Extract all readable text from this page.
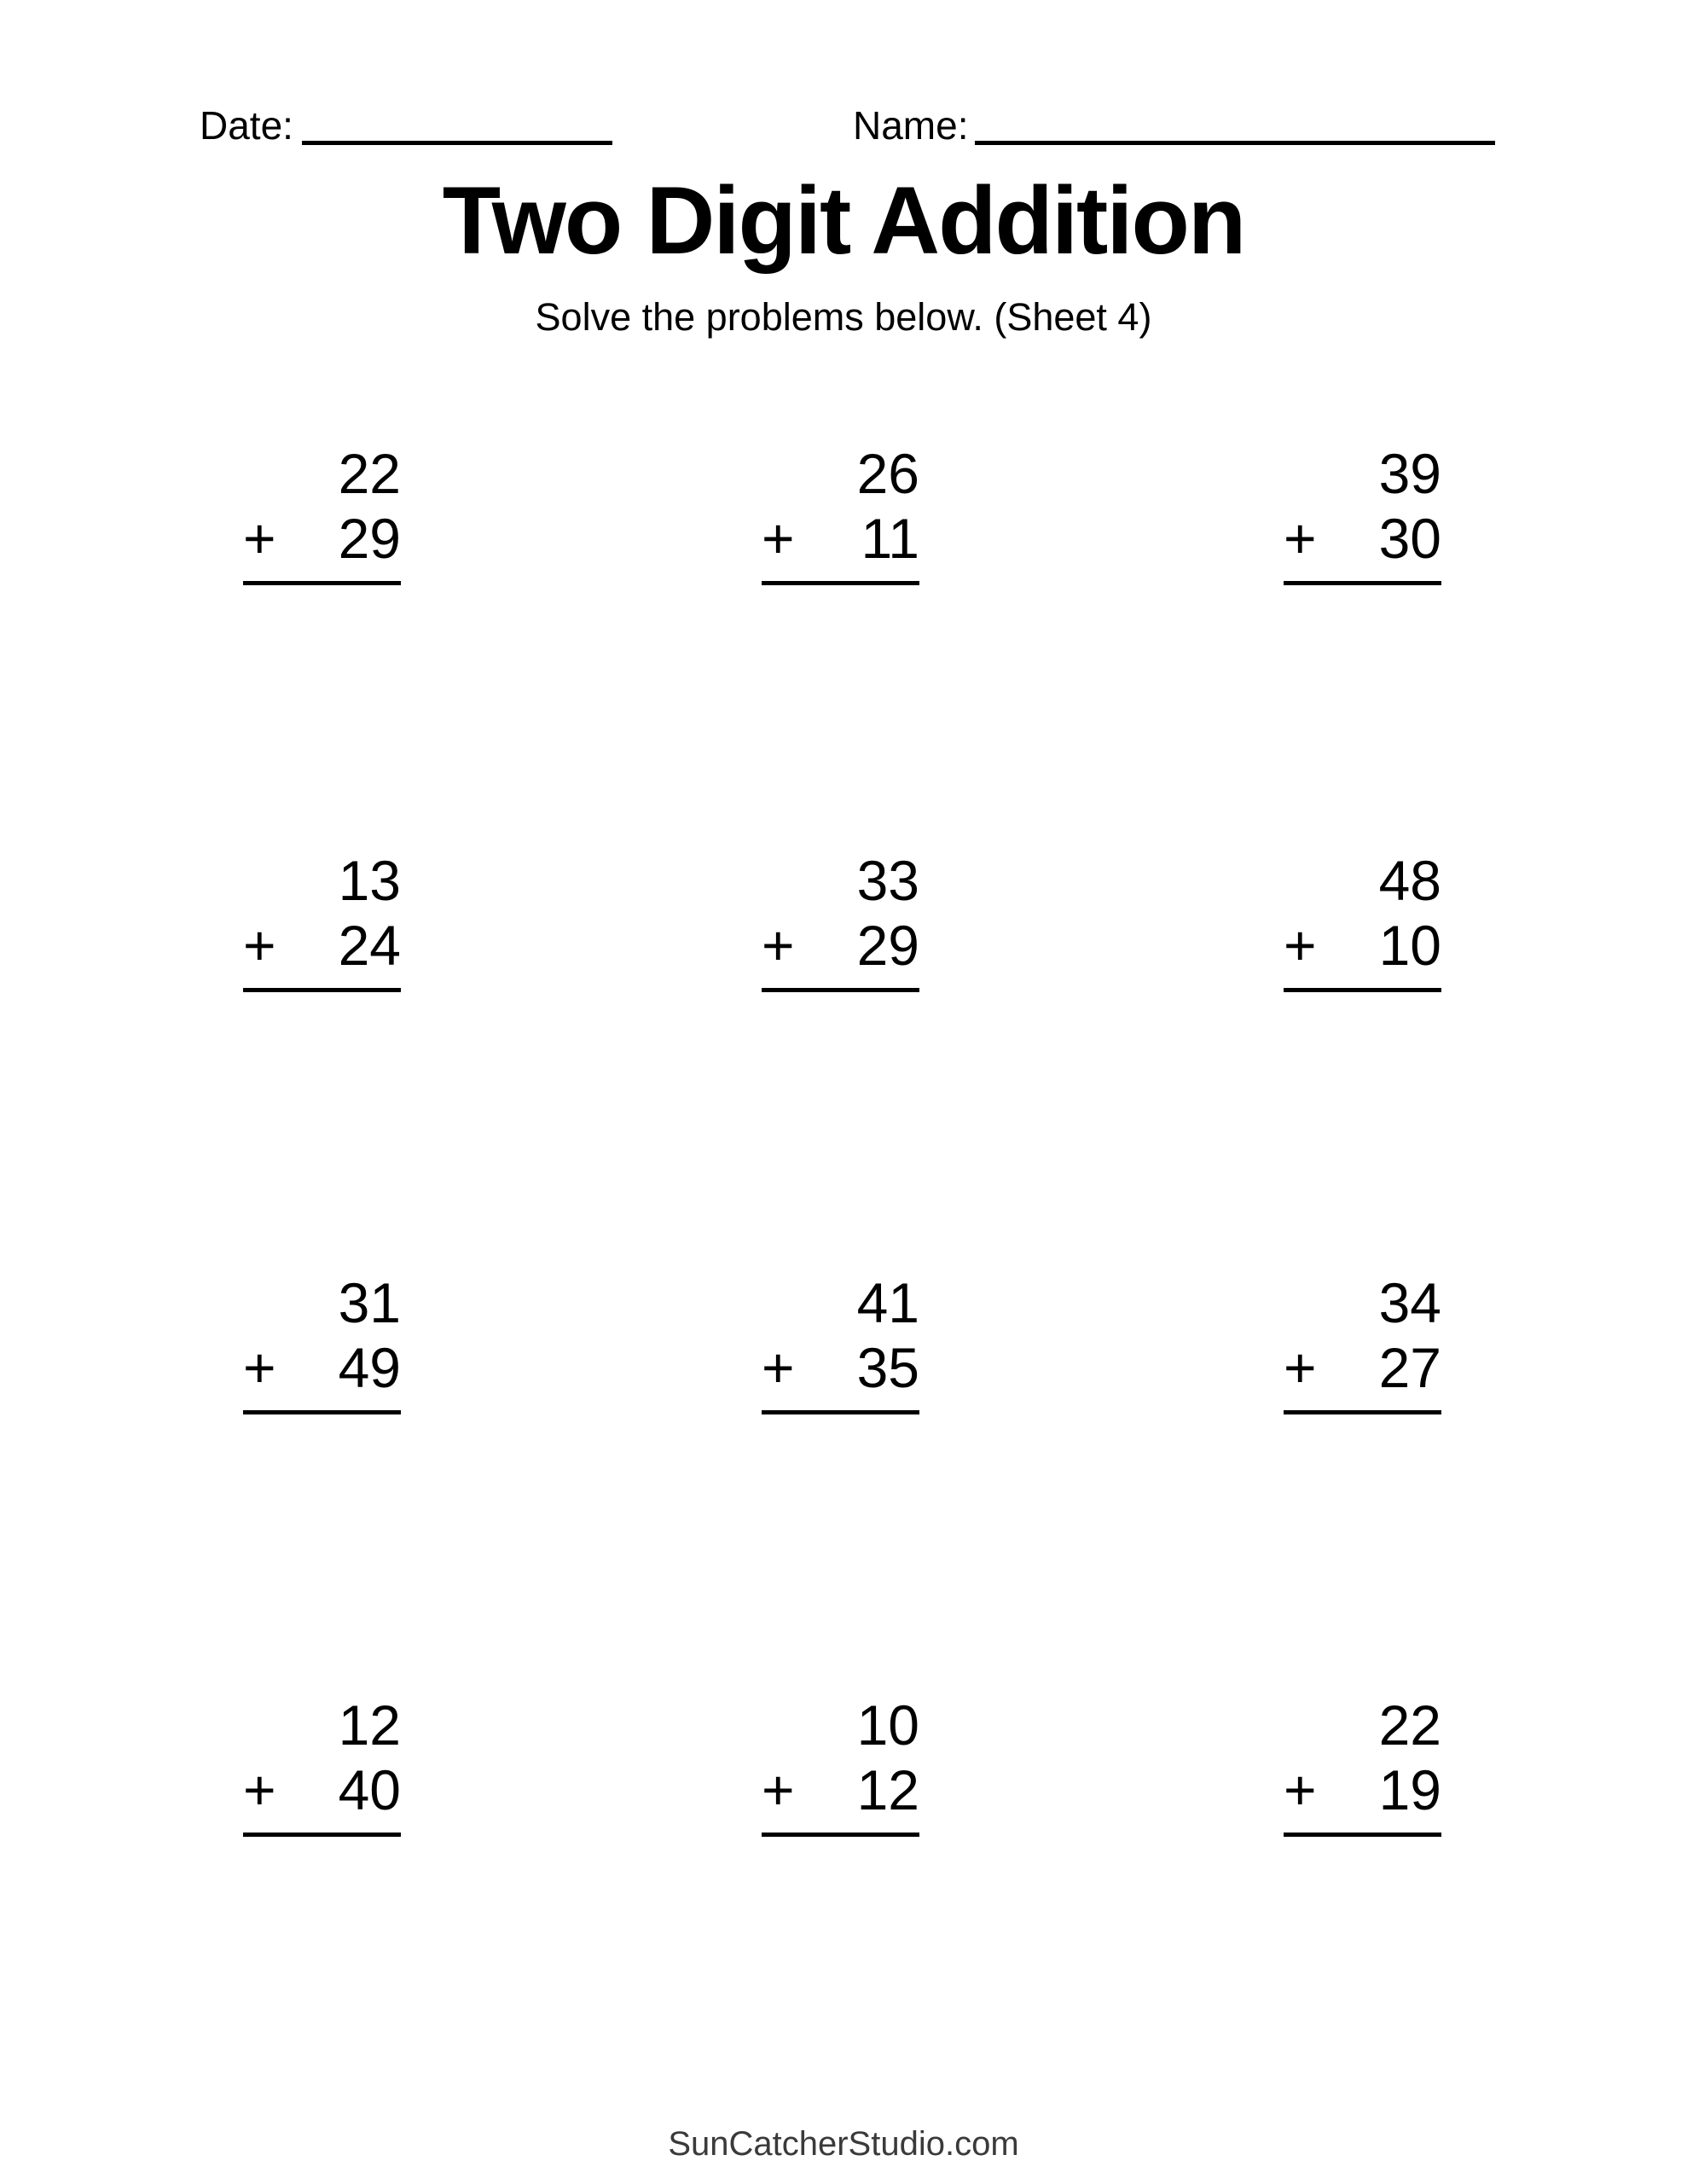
Date:	Name:
Two Digit Addition
Solve the problems below. (Sheet 4)
22
+ 29
26
+ 11
39
+ 30
13
+ 24
33
+ 29
48
+ 10
31
+ 49
41
+ 35
34
+ 27
12
+ 40
10
+ 12
22
+ 19
SunCatcherStudio.com
